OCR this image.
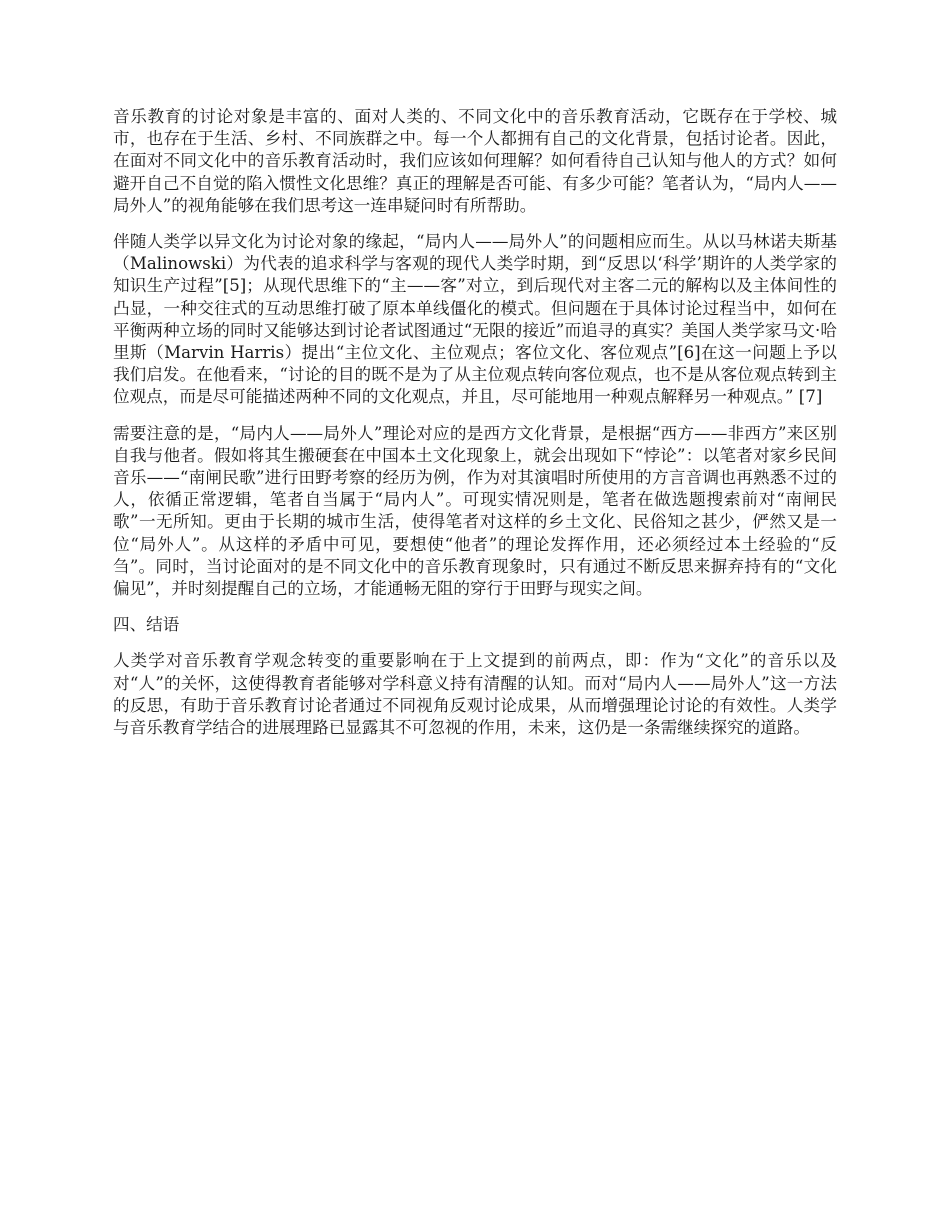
音乐教育的讨论对象是丰富的、面对人类的、不同文化中的音乐教育活动，它既存在于学校、城市，也存在于生活、乡村、不同族群之中。每一个人都拥有自己的文化背景，包括讨论者。因此，在面对不同文化中的音乐教育活动时，我们应该如何理解？如何看待自己认知与他人的方式？如何避开自己不自觉的陷入惯性文化思维？真正的理解是否可能、有多少可能？笔者认为，“局内人——局外人”的视角能够在我们思考这一连串疑问时有所帮助。

伴随人类学以异文化为讨论对象的缘起，“局内人——局外人”的问题相应而生。从以马林诺夫斯基（Malinowski）为代表的追求科学与客观的现代人类学时期，到“反思以‘科学’期许的人类学家的知识生产过程”[5]；从现代思维下的“主——客”对立，到后现代对主客二元的解构以及主体间性的凸显，一种交往式的互动思维打破了原本单线僵化的模式。但问题在于具体讨论过程当中，如何在平衡两种立场的同时又能够达到讨论者试图通过“无限的接近”而追寻的真实？美国人类学家马文·哈里斯（Marvin Harris）提出“主位文化、主位观点；客位文化、客位观点”[6]在这一问题上予以我们启发。在他看来，“讨论的目的既不是为了从主位观点转向客位观点，也不是从客位观点转到主位观点，而是尽可能描述两种不同的文化观点，并且，尽可能地用一种观点解释另一种观点。” [7]

需要注意的是，“局内人——局外人”理论对应的是西方文化背景，是根据“西方——非西方”来区别自我与他者。假如将其生搬硬套在中国本土文化现象上，就会出现如下“悖论”：以笔者对家乡民间音乐——“南闸民歌”进行田野考察的经历为例，作为对其演唱时所使用的方言音调也再熟悉不过的人，依循正常逻辑，笔者自当属于“局内人”。可现实情况则是，笔者在做选题搜索前对“南闸民歌”一无所知。更由于长期的城市生活，使得笔者对这样的乡土文化、民俗知之甚少，俨然又是一位“局外人”。从这样的矛盾中可见，要想使“他者”的理论发挥作用，还必须经过本土经验的“反刍”。同时，当讨论面对的是不同文化中的音乐教育现象时，只有通过不断反思来摒弃持有的“文化偏见”，并时刻提醒自己的立场，才能通畅无阻的穿行于田野与现实之间。

四、结语

人类学对音乐教育学观念转变的重要影响在于上文提到的前两点，即：作为“文化”的音乐以及对“人”的关怀，这使得教育者能够对学科意义持有清醒的认知。而对“局内人——局外人”这一方法的反思，有助于音乐教育讨论者通过不同视角反观讨论成果，从而增强理论讨论的有效性。人类学与音乐教育学结合的进展理路已显露其不可忽视的作用，未来，这仍是一条需继续探究的道路。
